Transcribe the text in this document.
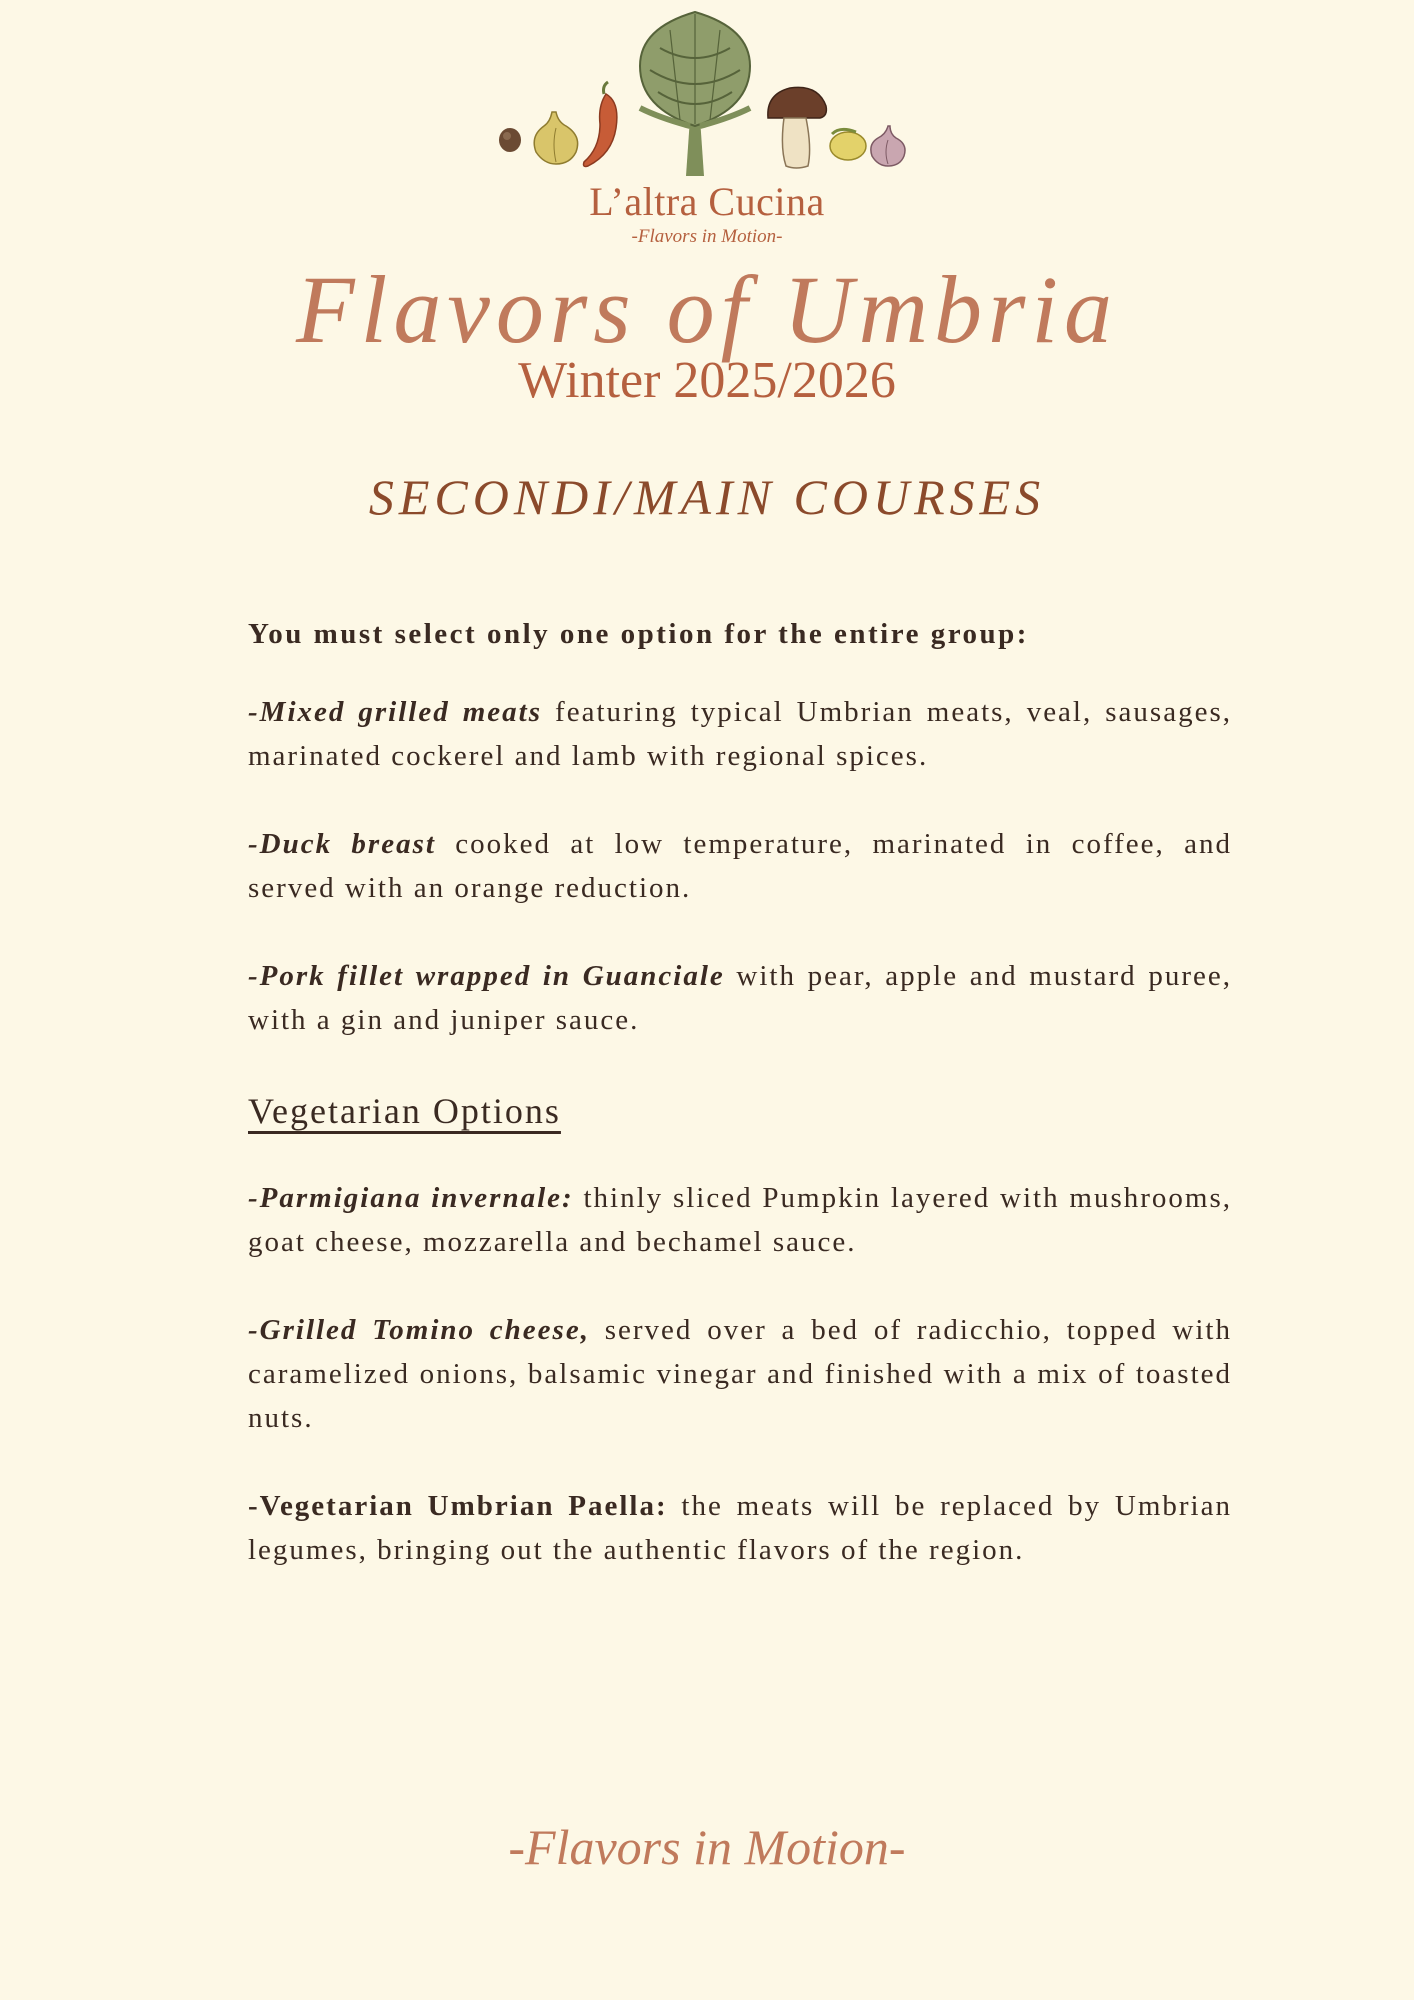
L’altra Cucina
-Flavors in Motion-
Flavors of Umbria
Winter 2025/2026
SECONDI/MAIN COURSES

You must select only one option for the entire group:

-Mixed grilled meats featuring typical Umbrian meats, veal, sausages, marinated cockerel and lamb with regional spices.

-Duck breast cooked at low temperature, marinated in coffee, and served with an orange reduction.

-Pork fillet wrapped in Guanciale with pear, apple and mustard puree, with a gin and juniper sauce.

Vegetarian Options

-Parmigiana invernale: thinly sliced Pumpkin layered with mushrooms, goat cheese, mozzarella and bechamel sauce.

-Grilled Tomino cheese, served over a bed of radicchio, topped with caramelized onions, balsamic vinegar and finished with a mix of toasted nuts.

-Vegetarian Umbrian Paella: the meats will be replaced by Umbrian legumes, bringing out the authentic flavors of the region.

-Flavors in Motion-
